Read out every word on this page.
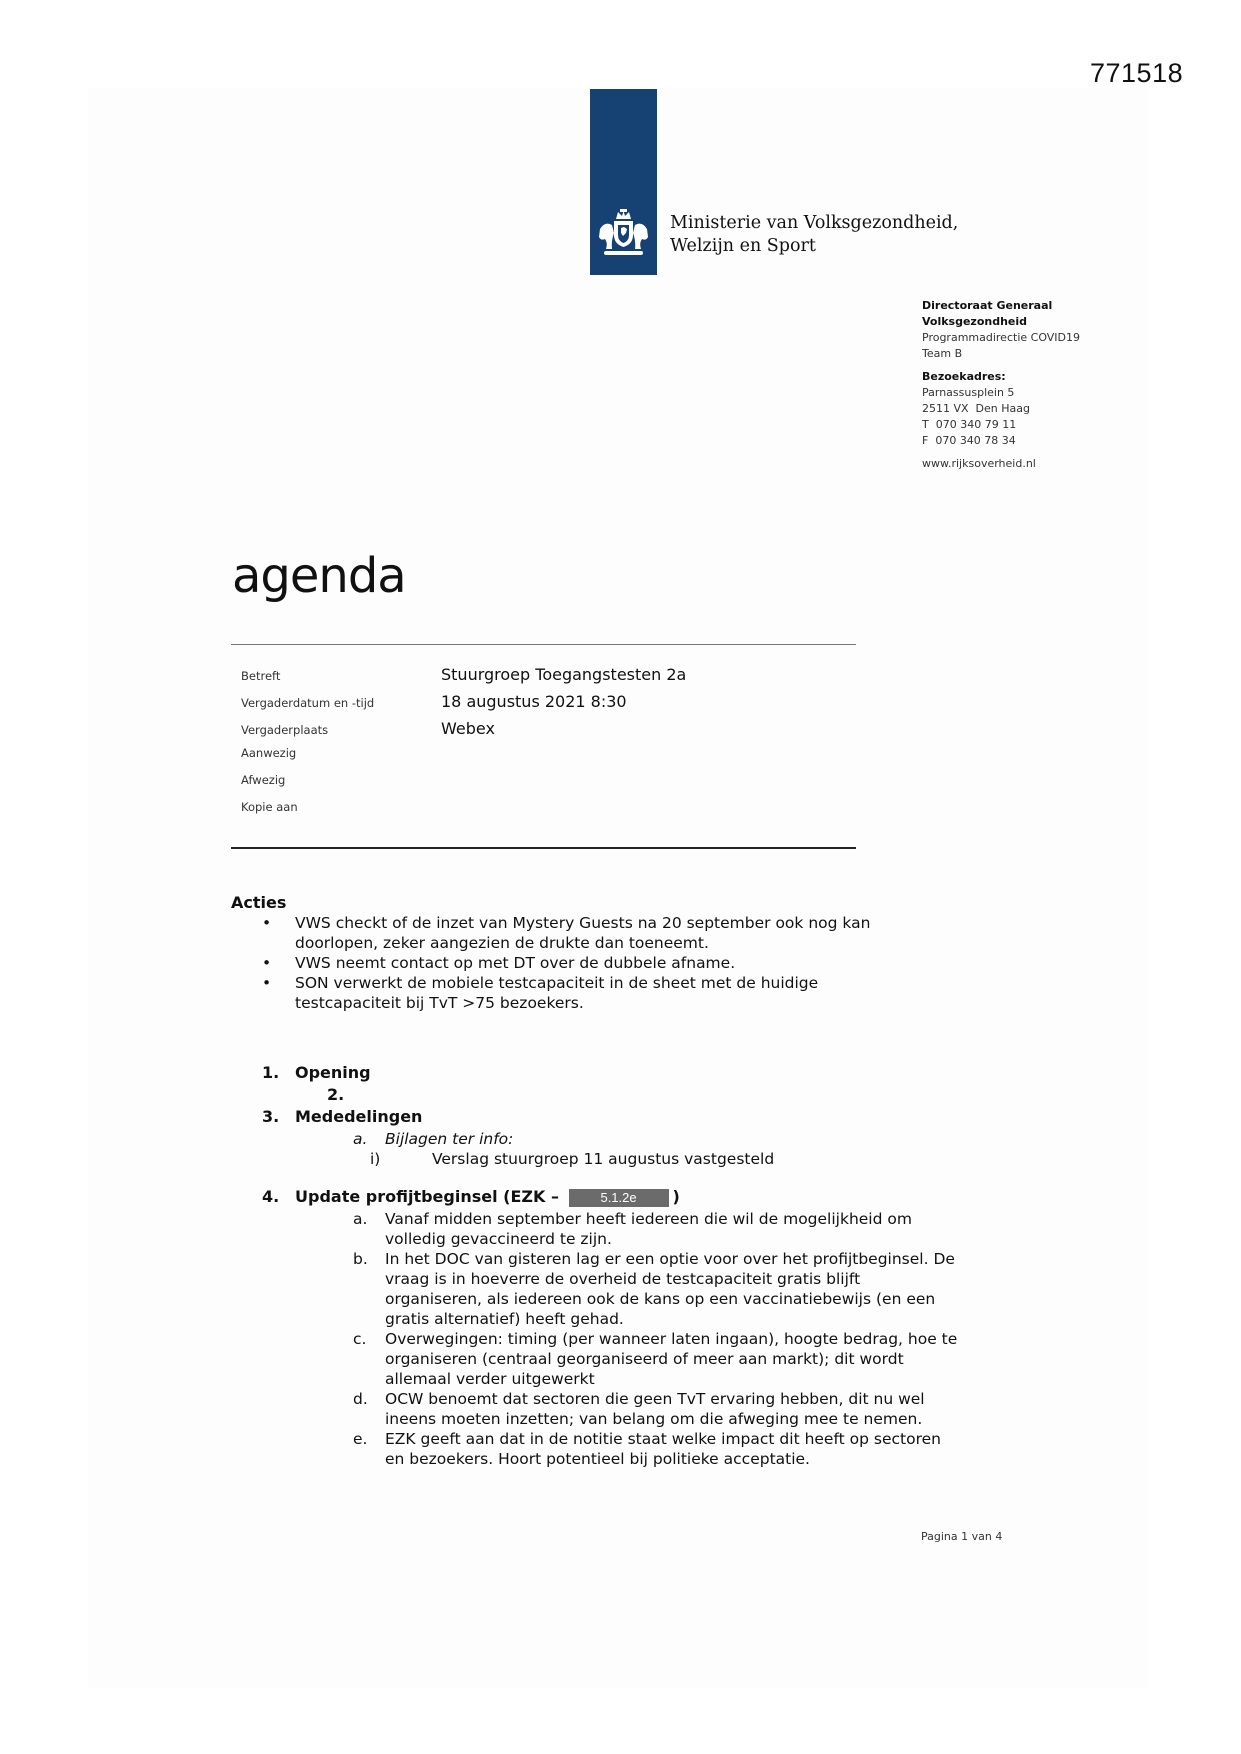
771518
Ministerie van Volksgezondheid,
Welzijn en Sport
Directoraat Generaal
Volksgezondheid
Programmadirectie COVID19
Team B
Bezoekadres:
Parnassusplein 5
2511 VX  Den Haag
T  070 340 79 11
F  070 340 78 34
www.rijksoverheid.nl
agenda
Betreft	Stuurgroep Toegangstesten 2a
Vergaderdatum en -tijd	18 augustus 2021 8:30
Vergaderplaats	Webex
Aanwezig
Afwezig
Kopie aan
Acties
• VWS checkt of de inzet van Mystery Guests na 20 september ook nog kan doorlopen, zeker aangezien de drukte dan toeneemt.
• VWS neemt contact op met DT over de dubbele afname.
• SON verwerkt de mobiele testcapaciteit in de sheet met de huidige testcapaciteit bij TvT >75 bezoekers.
1. Opening
2.
3. Mededelingen
a.	Bijlagen ter info:
i)	Verslag stuurgroep 11 augustus vastgesteld
4. Update profijtbeginsel (EZK –	5.1.2e )
a.	Vanaf midden september heeft iedereen die wil de mogelijkheid om volledig gevaccineerd te zijn.
b.	In het DOC van gisteren lag er een optie voor over het profijtbeginsel. De vraag is in hoeverre de overheid de testcapaciteit gratis blijft organiseren, als iedereen ook de kans op een vaccinatiebewijs (en een gratis alternatief) heeft gehad.
c.	Overwegingen: timing (per wanneer laten ingaan), hoogte bedrag, hoe te organiseren (centraal georganiseerd of meer aan markt); dit wordt allemaal verder uitgewerkt
d.	OCW benoemt dat sectoren die geen TvT ervaring hebben, dit nu wel ineens moeten inzetten; van belang om die afweging mee te nemen.
e.	EZK geeft aan dat in de notitie staat welke impact dit heeft op sectoren en bezoekers. Hoort potentieel bij politieke acceptatie.
Pagina 1 van 4
